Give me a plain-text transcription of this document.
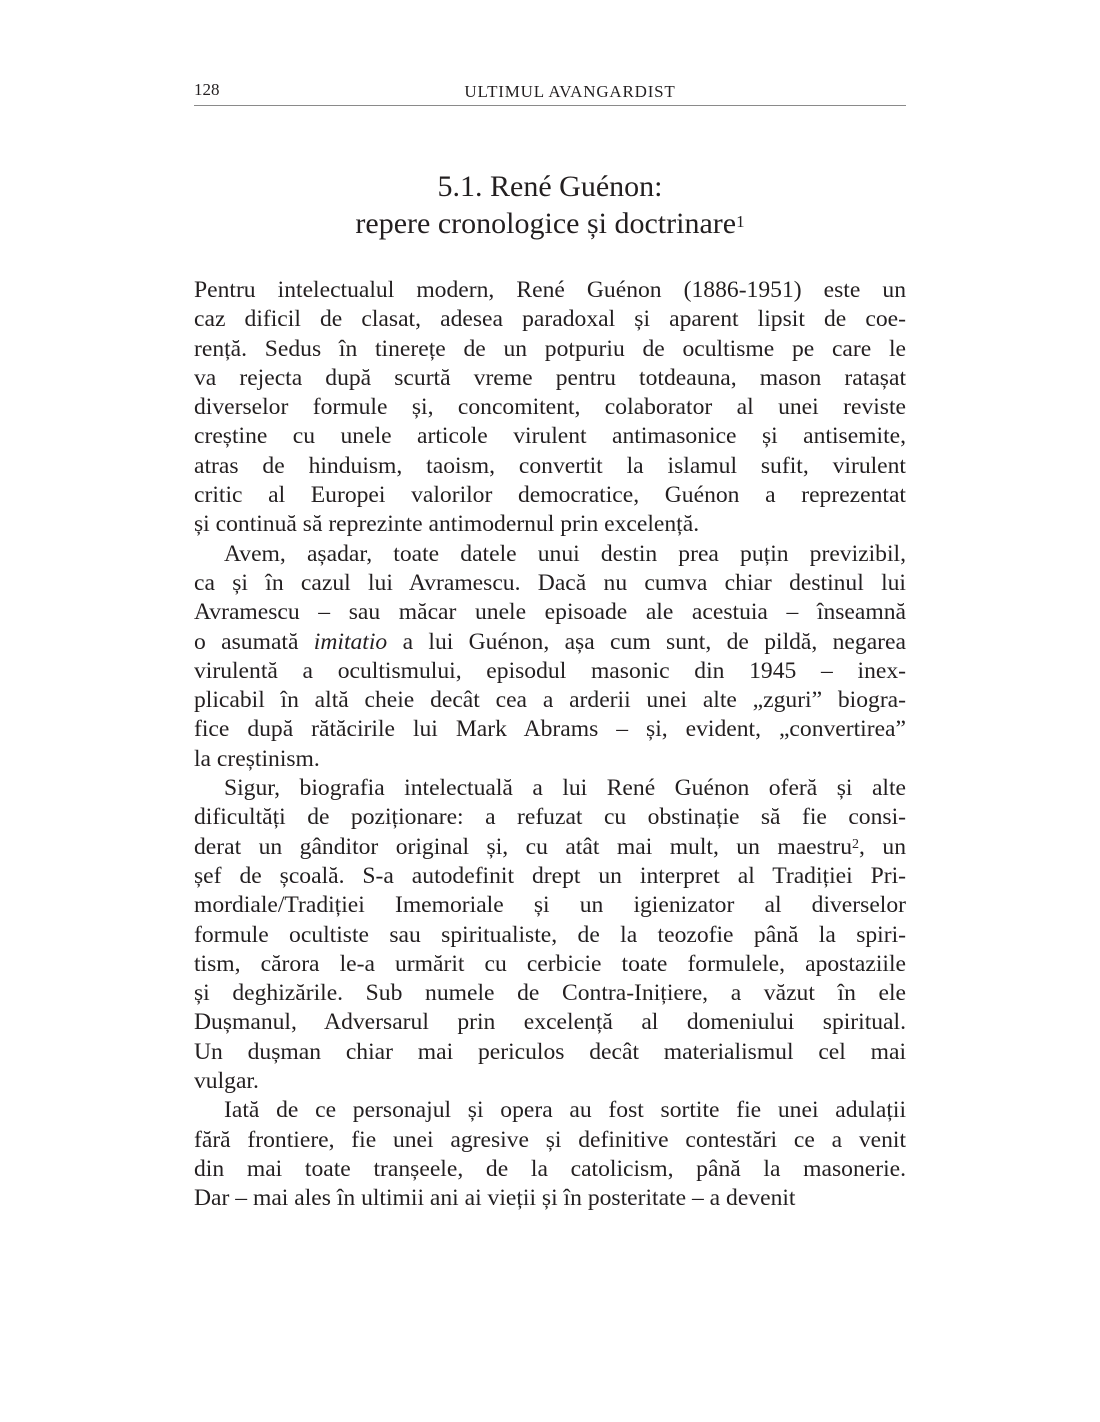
128	ULTIMUL AVANGARDIST
5.1. René Guénon:
repere cronologice și doctrinare$^1$

Pentru intelectualul modern, René Guénon (1886-1951) este un
caz dificil de clasat, adesea paradoxal și aparent lipsit de coe-
rență. Sedus în tinerețe de un potpuriu de ocultisme pe care le
va rejecta după scurtă vreme pentru totdeauna, mason ratașat
diverselor formule și, concomitent, colaborator al unei reviste
creștine cu unele articole virulent antimasonice și antisemite,
atras de hinduism, taoism, convertit la islamul sufit, virulent
critic al Europei valorilor democratice, Guénon a reprezentat
și continuă să reprezinte antimodernul prin excelență.

Avem, așadar, toate datele unui destin prea puțin previzibil,
ca și în cazul lui Avramescu. Dacă nu cumva chiar destinul lui
Avramescu – sau măcar unele episoade ale acestuia – înseamnă
o asumată imitatio a lui Guénon, așa cum sunt, de pildă, negarea
virulentă a ocultismului, episodul masonic din 1945 – inex-
plicabil în altă cheie decât cea a arderii unei alte „zguri” biogra-
fice după rătăcirile lui Mark Abrams – și, evident, „convertirea”
la creștinism.

Sigur, biografia intelectuală a lui René Guénon oferă și alte
dificultăți de poziționare: a refuzat cu obstinație să fie consi-
derat un gânditor original și, cu atât mai mult, un maestru$^2$, un
șef de școală. S-a autodefinit drept un interpret al Tradiției Pri-
mordiale/Tradiției Imemoriale și un igienizator al diverselor
formule ocultiste sau spiritualiste, de la teozofie până la spiri-
tism, cărora le-a urmărit cu cerbicie toate formulele, apostaziile
și deghizările. Sub numele de Contra-Inițiere, a văzut în ele
Dușmanul, Adversarul prin excelență al domeniului spiritual.
Un dușman chiar mai periculos decât materialismul cel mai
vulgar.

Iată de ce personajul și opera au fost sortite fie unei adulații
fără frontiere, fie unei agresive și definitive contestări ce a venit
din mai toate tranșeele, de la catolicism, până la masonerie.
Dar – mai ales în ultimii ani ai vieții și în posteritate – a devenit
